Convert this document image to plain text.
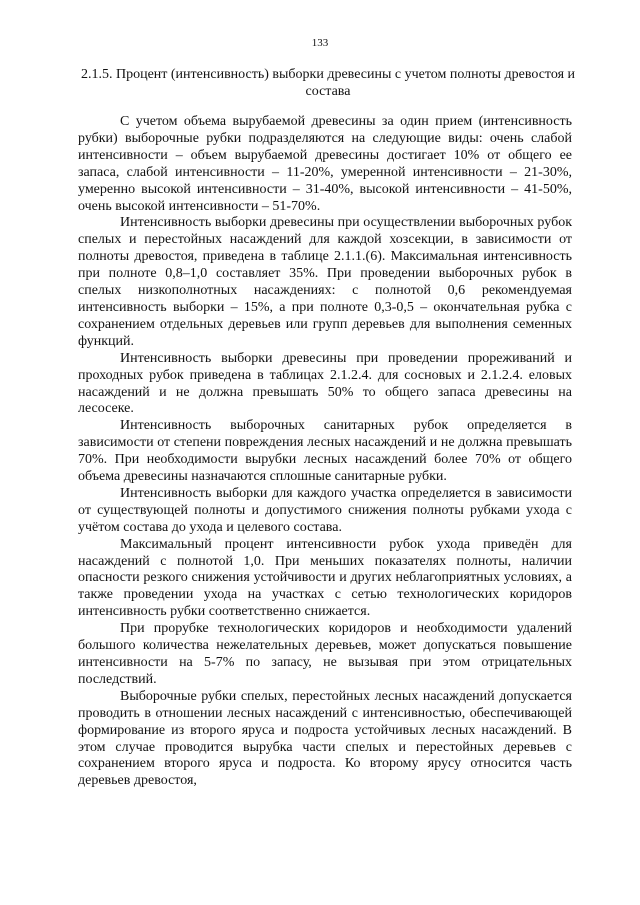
133
2.1.5. Процент (интенсивность) выборки древесины с учетом полноты древостоя и состава

С учетом объема вырубаемой древесины за один прием (интенсивность рубки) выборочные рубки подразделяются на следующие виды: очень слабой интенсивности – объем вырубаемой древесины достигает 10% от общего ее запаса, слабой интенсивности – 11-20%, умеренной интенсивности – 21-30%, умеренно высокой интенсивности – 31-40%, высокой интенсивности – 41-50%, очень высокой интенсивности – 51-70%.

Интенсивность выборки древесины при осуществлении выборочных рубок спелых и перестойных насаждений для каждой хозсекции, в зависимости от полноты древостоя, приведена в таблице 2.1.1.(6). Максимальная интенсивность при полноте 0,8–1,0 составляет 35%. При проведении выборочных рубок в спелых низкополнотных насаждениях: с полнотой 0,6 рекомендуемая интенсивность выборки – 15%, а при полноте 0,3-0,5 – окончательная рубка с сохранением отдельных деревьев или групп деревьев для выполнения семенных функций.

Интенсивность выборки древесины при проведении прореживаний и проходных рубок приведена в таблицах 2.1.2.4. для сосновых и 2.1.2.4. еловых насаждений и не должна превышать 50% то общего запаса древесины на лесосеке.

Интенсивность выборочных санитарных рубок определяется в зависимости от степени повреждения лесных насаждений и не должна превышать 70%. При необходимости вырубки лесных насаждений более 70% от общего объема древесины назначаются сплошные санитарные рубки.

Интенсивность выборки для каждого участка определяется в зависимости от существующей полноты и допустимого снижения полноты рубками ухода с учётом состава до ухода и целевого состава.

Максимальный процент интенсивности рубок ухода приведён для насаждений с полнотой 1,0. При меньших показателях полноты, наличии опасности резкого снижения устойчивости и других неблагоприятных условиях, а также проведении ухода на участках с сетью технологических коридоров интенсивность рубки соответственно снижается.

При прорубке технологических коридоров и необходимости удалений большого количества нежелательных деревьев, может допускаться повышение интенсивности на 5-7% по запасу, не вызывая при этом отрицательных последствий.

Выборочные рубки спелых, перестойных лесных насаждений допускается проводить в отношении лесных насаждений с интенсивностью, обеспечивающей формирование из второго яруса и подроста устойчивых лесных насаждений. В этом случае проводится вырубка части спелых и перестойных деревьев с сохранением второго яруса и подроста. Ко второму ярусу относится часть деревьев древостоя,
